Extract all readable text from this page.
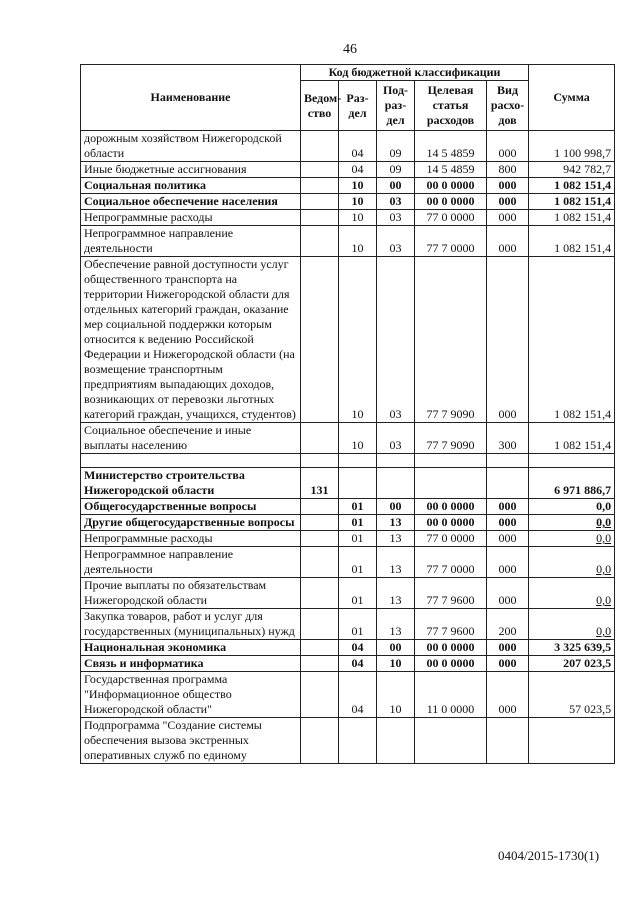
46
Наименование	Код бюджетной классификации					Сумма
	Ведом-ство	Раз-дел	Под-раз-дел	Целевая статья расходов	Вид расхо-дов	
дорожным хозяйством Нижегородской области		04	09	14 5 4859	000	1 100 998,7
Иные бюджетные ассигнования		04	09	14 5 4859	800	942 782,7
Социальная политика		10	00	00 0 0000	000	1 082 151,4
Социальное обеспечение населения		10	03	00 0 0000	000	1 082 151,4
Непрограммные расходы		10	03	77 0 0000	000	1 082 151,4
Непрограммное направление деятельности		10	03	77 7 0000	000	1 082 151,4
Обеспечение равной доступности услуг общественного транспорта на территории Нижегородской области для отдельных категорий граждан, оказание мер социальной поддержки которым относится к ведению Российской Федерации и Нижегородской области (на возмещение транспортным предприятиям выпадающих доходов, возникающих от перевозки льготных категорий граждан, учащихся, студентов)		10	03	77 7 9090	000	1 082 151,4
Социальное обеспечение и иные выплаты населению		10	03	77 7 9090	300	1 082 151,4

Министерство строительства Нижегородской области	131					6 971 886,7
Общегосударственные вопросы		01	00	00 0 0000	000	0,0
Другие общегосударственные вопросы		01	13	00 0 0000	000	0,0
Непрограммные расходы		01	13	77 0 0000	000	0,0
Непрограммное направление деятельности		01	13	77 7 0000	000	0,0
Прочие выплаты по обязательствам Нижегородской области		01	13	77 7 9600	000	0,0
Закупка товаров, работ и услуг для государственных (муниципальных) нужд		01	13	77 7 9600	200	0,0
Национальная экономика		04	00	00 0 0000	000	3 325 639,5
Связь и информатика		04	10	00 0 0000	000	207 023,5
Государственная программа "Информационное общество Нижегородской области"		04	10	11 0 0000	000	57 023,5
Подпрограмма "Создание системы обеспечения вызова экстренных оперативных служб по единому						
0404/2015-1730(1)
